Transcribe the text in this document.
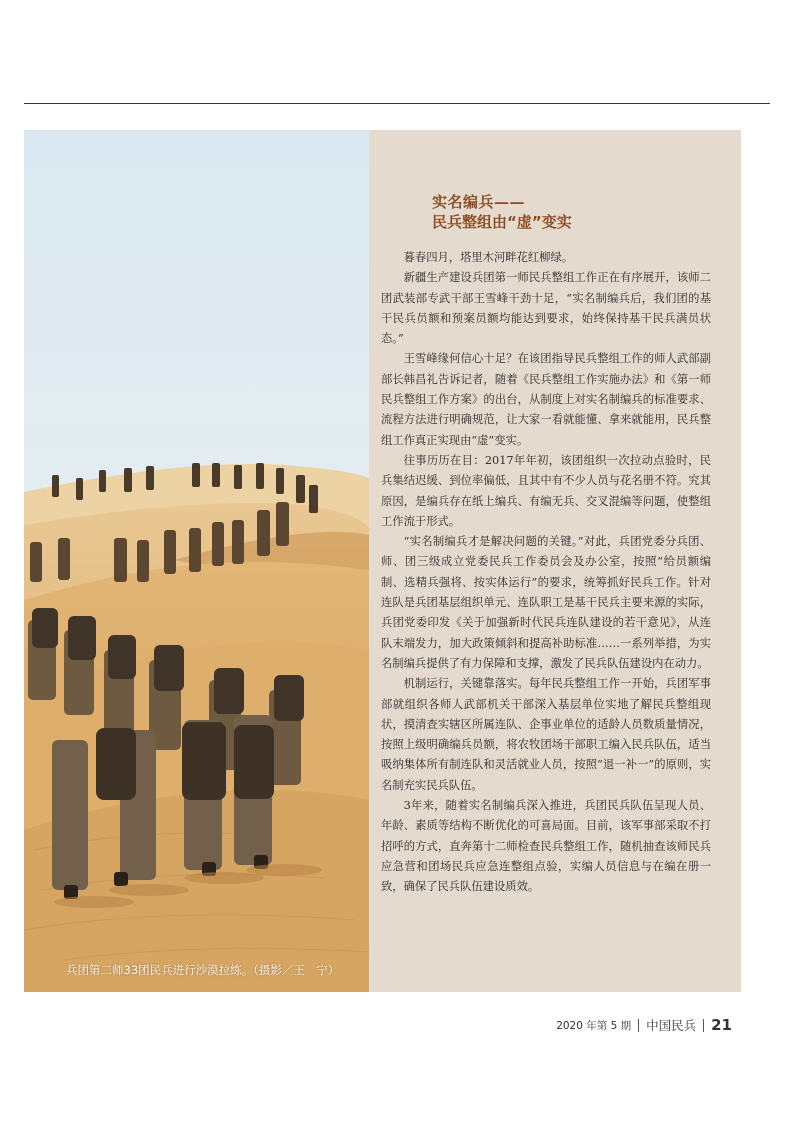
兵团第二师33团民兵进行沙漠拉练。（摄影／王　宁）
实名编兵——
民兵整组由“虚”变实

暮春四月，塔里木河畔花红柳绿。

新疆生产建设兵团第一师民兵整组工作正在有序展开，该师二团武装部专武干部王雪峰干劲十足，“实名制编兵后，我们团的基干民兵员额和预案员额均能达到要求，始终保持基干民兵满员状态。”

王雪峰缘何信心十足？在该团指导民兵整组工作的师人武部副部长韩昌礼告诉记者，随着《民兵整组工作实施办法》和《第一师民兵整组工作方案》的出台，从制度上对实名制编兵的标准要求、流程方法进行明确规范，让大家一看就能懂、拿来就能用，民兵整组工作真正实现由“虚”变实。

往事历历在目：2017年年初，该团组织一次拉动点验时，民兵集结迟缓、到位率偏低，且其中有不少人员与花名册不符。究其原因，是编兵存在纸上编兵、有编无兵、交叉混编等问题，使整组工作流于形式。

“实名制编兵才是解决问题的关键。”对此，兵团党委分兵团、师、团三级成立党委民兵工作委员会及办公室，按照“给员额编制、选精兵强将、按实体运行”的要求，统筹抓好民兵工作。针对连队是兵团基层组织单元、连队职工是基干民兵主要来源的实际，兵团党委印发《关于加强新时代民兵连队建设的若干意见》，从连队末端发力，加大政策倾斜和提高补助标准……一系列举措，为实名制编兵提供了有力保障和支撑，激发了民兵队伍建设内在动力。

机制运行，关键靠落实。每年民兵整组工作一开始，兵团军事部就组织各师人武部机关干部深入基层单位实地了解民兵整组现状，摸清查实辖区所属连队、企事业单位的适龄人员数质量情况，按照上级明确编兵员额，将农牧团场干部职工编入民兵队伍，适当吸纳集体所有制连队和灵活就业人员，按照“退一补一”的原则，实名制充实民兵队伍。

3年来，随着实名制编兵深入推进，兵团民兵队伍呈现人员、年龄、素质等结构不断优化的可喜局面。目前，该军事部采取不打招呼的方式，直奔第十二师检查民兵整组工作，随机抽查该师民兵应急营和团场民兵应急连整组点验，实编人员信息与在编在册一致，确保了民兵队伍建设质效。

2020 年第 5 期 中国民兵 21
